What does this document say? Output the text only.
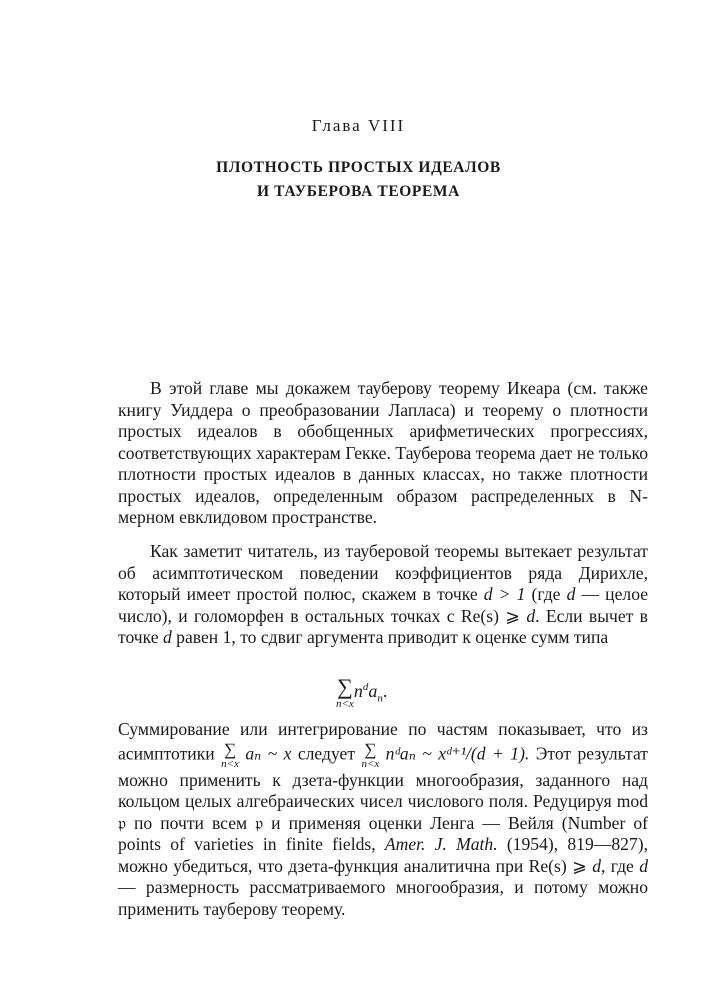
Глава VIII
ПЛОТНОСТЬ ПРОСТЫХ ИДЕАЛОВ
И ТАУБЕРОВА ТЕОРЕМА

В этой главе мы докажем тауберову теорему Икеара (см. также книгу Уиддера о преобразовании Лапласа) и теорему о плотности простых идеалов в обобщенных арифметических прогрессиях, соответствующих характерам Гекке. Тауберова теорема дает не только плотности простых идеалов в данных классах, но также плотности простых идеалов, определенным образом распределенных в N-мерном евклидовом пространстве.

Как заметит читатель, из тауберовой теоремы вытекает результат об асимптотическом поведении коэффициентов ряда Дирихле, который имеет простой полюс, скажем в точке d > 1 (где d — целое число), и голоморфен в остальных точках с Re(s) ⩾ d. Если вычет в точке d равен 1, то сдвиг аргумента приводит к оценке сумм типа

∑
n<x
$n^da_n$.

Суммирование или интегрирование по частям показывает, что из асимптотики ∑
n<x
aₙ ~ x следует ∑
n<x
nᵈaₙ ~ xᵈ⁺¹/(d + 1). Этот результат можно применить к дзета-функции многообразия, заданного над кольцом целых алгебраических чисел числового поля. Редуцируя mod 𝔭 по почти всем 𝔭 и применяя оценки Ленга — Вейля (Number of points of varieties in finite fields, Amer. J. Math. (1954), 819—827), можно убедиться, что дзета-функция аналитична при Re(s) ⩾ d, где d — размерность рассматриваемого многообразия, и потому можно применить тауберову теорему.
